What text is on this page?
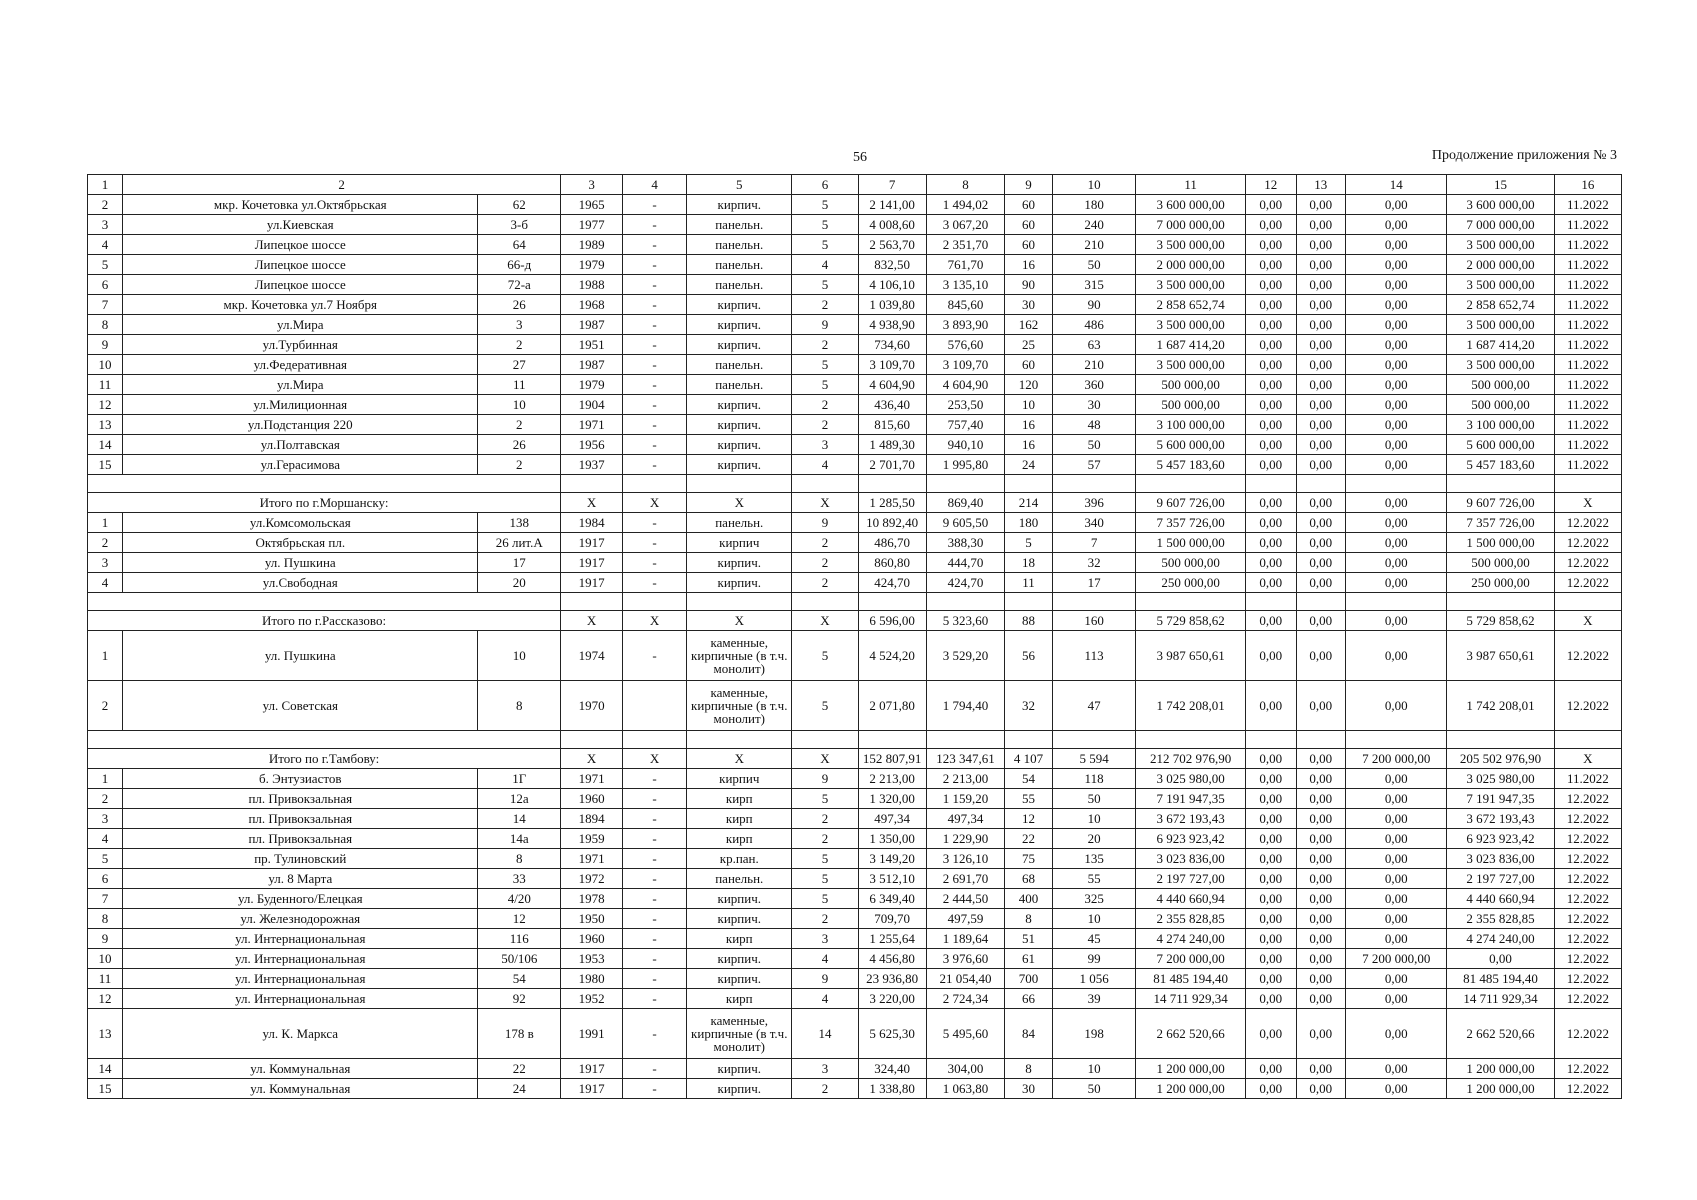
56	Продолжение приложения № 3
1	2		3	4	5	6	7	8	9	10	11	12	13	14	15	16
2	мкр. Кочетовка ул.Октябрьская	62	1965	-	кирпич.	5	2 141,00	1 494,02	60	180	3 600 000,00	0,00	0,00	0,00	3 600 000,00	11.2022
3	ул.Киевская	3-б	1977	-	панельн.	5	4 008,60	3 067,20	60	240	7 000 000,00	0,00	0,00	0,00	7 000 000,00	11.2022
4	Липецкое шоссе	64	1989	-	панельн.	5	2 563,70	2 351,70	60	210	3 500 000,00	0,00	0,00	0,00	3 500 000,00	11.2022
5	Липецкое шоссе	66-д	1979	-	панельн.	4	832,50	761,70	16	50	2 000 000,00	0,00	0,00	0,00	2 000 000,00	11.2022
6	Липецкое шоссе	72-а	1988	-	панельн.	5	4 106,10	3 135,10	90	315	3 500 000,00	0,00	0,00	0,00	3 500 000,00	11.2022
7	мкр. Кочетовка ул.7 Ноября	26	1968	-	кирпич.	2	1 039,80	845,60	30	90	2 858 652,74	0,00	0,00	0,00	2 858 652,74	11.2022
8	ул.Мира	3	1987	-	кирпич.	9	4 938,90	3 893,90	162	486	3 500 000,00	0,00	0,00	0,00	3 500 000,00	11.2022
9	ул.Турбинная	2	1951	-	кирпич.	2	734,60	576,60	25	63	1 687 414,20	0,00	0,00	0,00	1 687 414,20	11.2022
10	ул.Федеративная	27	1987	-	панельн.	5	3 109,70	3 109,70	60	210	3 500 000,00	0,00	0,00	0,00	3 500 000,00	11.2022
11	ул.Мира	11	1979	-	панельн.	5	4 604,90	4 604,90	120	360	500 000,00	0,00	0,00	0,00	500 000,00	11.2022
12	ул.Милиционная	10	1904	-	кирпич.	2	436,40	253,50	10	30	500 000,00	0,00	0,00	0,00	500 000,00	11.2022
13	ул.Подстанция 220	2	1971	-	кирпич.	2	815,60	757,40	16	48	3 100 000,00	0,00	0,00	0,00	3 100 000,00	11.2022
14	ул.Полтавская	26	1956	-	кирпич.	3	1 489,30	940,10	16	50	5 600 000,00	0,00	0,00	0,00	5 600 000,00	11.2022
15	ул.Герасимова	2	1937	-	кирпич.	4	2 701,70	1 995,80	24	57	5 457 183,60	0,00	0,00	0,00	5 457 183,60	11.2022

Итого по г.Моршанску:			X	X	X	X	1 285,50	869,40	214	396	9 607 726,00	0,00	0,00	0,00	9 607 726,00	X
1	ул.Комсомольская	138	1984	-	панельн.	9	10 892,40	9 605,50	180	340	7 357 726,00	0,00	0,00	0,00	7 357 726,00	12.2022
2	Октябрьская пл.	26 лит.А	1917	-	кирпич	2	486,70	388,30	5	7	1 500 000,00	0,00	0,00	0,00	1 500 000,00	12.2022
3	ул. Пушкина	17	1917	-	кирпич.	2	860,80	444,70	18	32	500 000,00	0,00	0,00	0,00	500 000,00	12.2022
4	ул.Свободная	20	1917	-	кирпич.	2	424,70	424,70	11	17	250 000,00	0,00	0,00	0,00	250 000,00	12.2022

Итого по г.Рассказово:			X	X	X	X	6 596,00	5 323,60	88	160	5 729 858,62	0,00	0,00	0,00	5 729 858,62	X
1	ул. Пушкина	10	1974	-	каменные, кирпичные (в т.ч. монолит)	5	4 524,20	3 529,20	56	113	3 987 650,61	0,00	0,00	0,00	3 987 650,61	12.2022
2	ул. Советская	8	1970		каменные, кирпичные (в т.ч. монолит)	5	2 071,80	1 794,40	32	47	1 742 208,01	0,00	0,00	0,00	1 742 208,01	12.2022

Итого по г.Тамбову:			X	X	X	X	152 807,91	123 347,61	4 107	5 594	212 702 976,90	0,00	0,00	7 200 000,00	205 502 976,90	X
1	б. Энтузиастов	1Г	1971	-	кирпич	9	2 213,00	2 213,00	54	118	3 025 980,00	0,00	0,00	0,00	3 025 980,00	11.2022
2	пл. Привокзальная	12а	1960	-	кирп	5	1 320,00	1 159,20	55	50	7 191 947,35	0,00	0,00	0,00	7 191 947,35	12.2022
3	пл. Привокзальная	14	1894	-	кирп	2	497,34	497,34	12	10	3 672 193,43	0,00	0,00	0,00	3 672 193,43	12.2022
4	пл. Привокзальная	14а	1959	-	кирп	2	1 350,00	1 229,90	22	20	6 923 923,42	0,00	0,00	0,00	6 923 923,42	12.2022
5	пр. Тулиновский	8	1971	-	кр.пан.	5	3 149,20	3 126,10	75	135	3 023 836,00	0,00	0,00	0,00	3 023 836,00	12.2022
6	ул. 8 Марта	33	1972	-	панельн.	5	3 512,10	2 691,70	68	55	2 197 727,00	0,00	0,00	0,00	2 197 727,00	12.2022
7	ул. Буденного/Елецкая	4/20	1978	-	кирпич.	5	6 349,40	2 444,50	400	325	4 440 660,94	0,00	0,00	0,00	4 440 660,94	12.2022
8	ул. Железнодорожная	12	1950	-	кирпич.	2	709,70	497,59	8	10	2 355 828,85	0,00	0,00	0,00	2 355 828,85	12.2022
9	ул. Интернациональная	116	1960	-	кирп	3	1 255,64	1 189,64	51	45	4 274 240,00	0,00	0,00	0,00	4 274 240,00	12.2022
10	ул. Интернациональная	50/106	1953	-	кирпич.	4	4 456,80	3 976,60	61	99	7 200 000,00	0,00	0,00	7 200 000,00	0,00	12.2022
11	ул. Интернациональная	54	1980	-	кирпич.	9	23 936,80	21 054,40	700	1 056	81 485 194,40	0,00	0,00	0,00	81 485 194,40	12.2022
12	ул. Интернациональная	92	1952	-	кирп	4	3 220,00	2 724,34	66	39	14 711 929,34	0,00	0,00	0,00	14 711 929,34	12.2022
13	ул. К. Маркса	178 в	1991	-	каменные, кирпичные (в т.ч. монолит)	14	5 625,30	5 495,60	84	198	2 662 520,66	0,00	0,00	0,00	2 662 520,66	12.2022
14	ул. Коммунальная	22	1917	-	кирпич.	3	324,40	304,00	8	10	1 200 000,00	0,00	0,00	0,00	1 200 000,00	12.2022
15	ул. Коммунальная	24	1917	-	кирпич.	2	1 338,80	1 063,80	30	50	1 200 000,00	0,00	0,00	0,00	1 200 000,00	12.2022
